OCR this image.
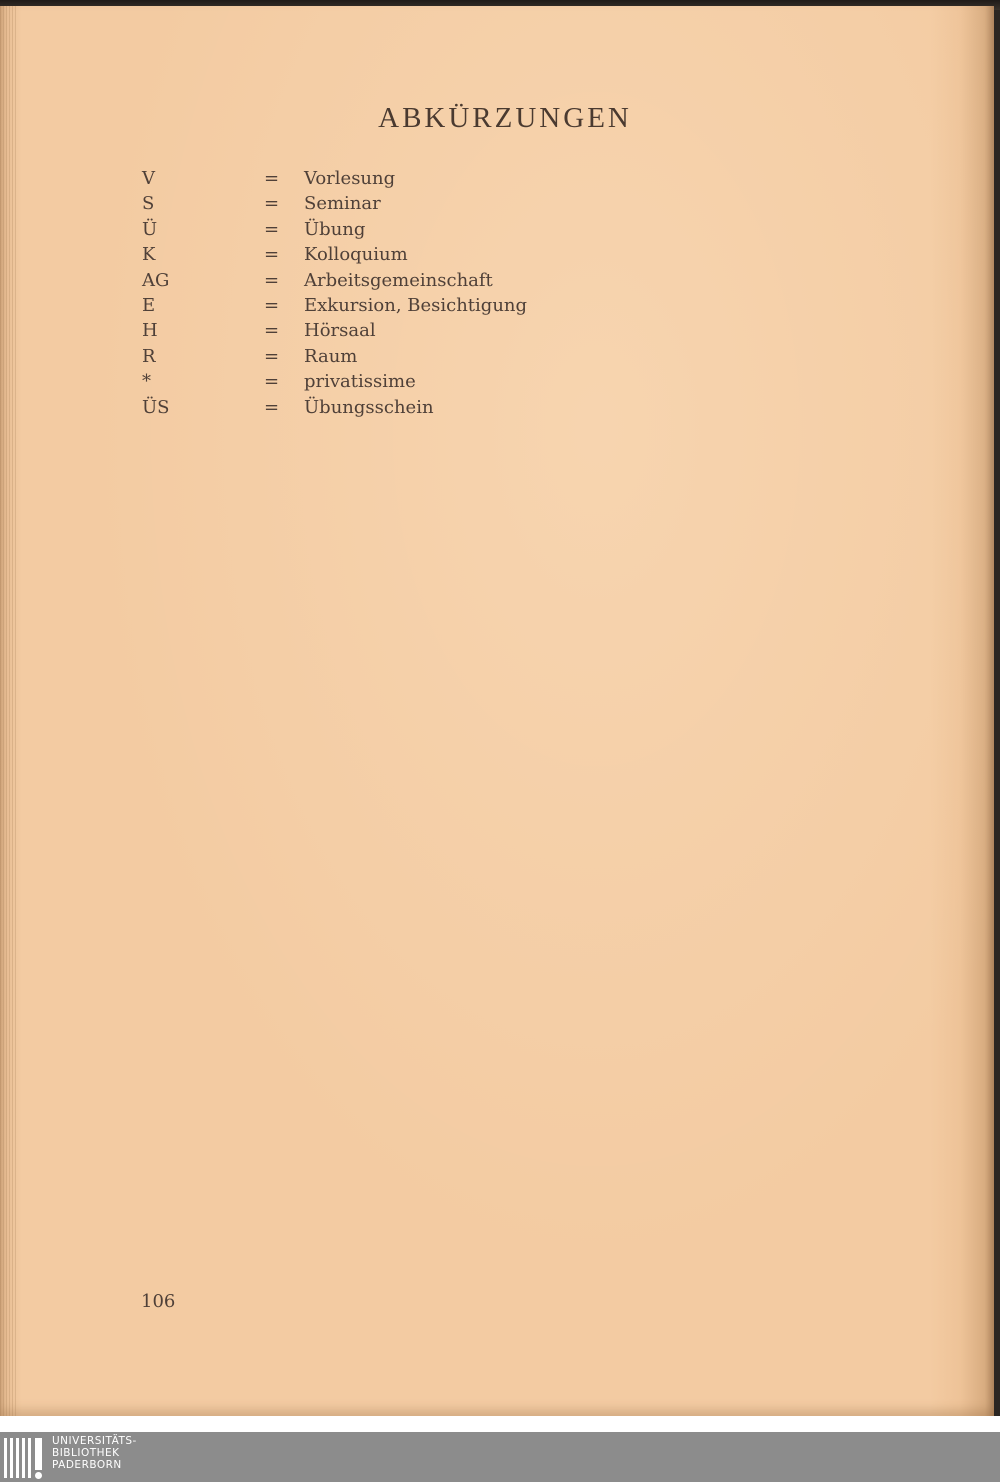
ABKÜRZUNGEN
V	= Vorlesung
S	= Seminar
Ü	= Übung
K	= Kolloquium
AG	= Arbeitsgemeinschaft
E	= Exkursion, Besichtigung
H	= Hörsaal
R	= Raum
*	= privatissime
ÜS	= Übungsschein
106
UNIVERSITÄTS-
BIBLIOTHEK
PADERBORN
